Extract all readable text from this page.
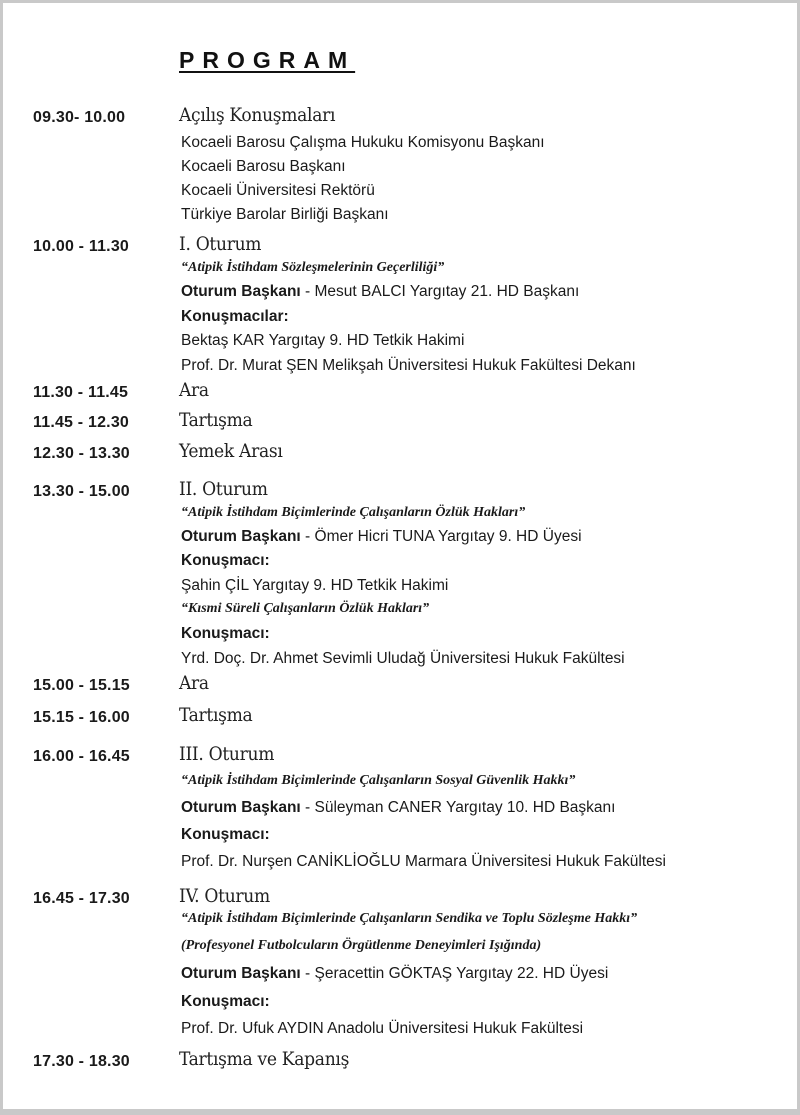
PROGRAM
09.30- 10.00	Açılış Konuşmaları
Kocaeli Barosu Çalışma Hukuku Komisyonu Başkanı
Kocaeli Barosu Başkanı
Kocaeli Üniversitesi Rektörü
Türkiye Barolar Birliği Başkanı
10.00 - 11.30	I. Oturum
“Atipik İstihdam Sözleşmelerinin Geçerliliği”
Oturum Başkanı - Mesut BALCI Yargıtay 21. HD Başkanı
Konuşmacılar:
Bektaş KAR Yargıtay 9. HD Tetkik Hakimi
Prof. Dr. Murat ŞEN Melikşah Üniversitesi Hukuk Fakültesi Dekanı
11.30 - 11.45	Ara
11.45 - 12.30	Tartışma
12.30 - 13.30	Yemek Arası
13.30 - 15.00	II. Oturum
“Atipik İstihdam Biçimlerinde Çalışanların Özlük Hakları”
Oturum Başkanı - Ömer Hicri TUNA Yargıtay 9. HD Üyesi
Konuşmacı:
Şahin ÇİL Yargıtay 9. HD Tetkik Hakimi
“Kısmi Süreli Çalışanların Özlük Hakları”
Konuşmacı:
Yrd. Doç. Dr. Ahmet Sevimli Uludağ Üniversitesi Hukuk Fakültesi
15.00 - 15.15	Ara
15.15 - 16.00	Tartışma
16.00 - 16.45	III. Oturum
“Atipik İstihdam Biçimlerinde Çalışanların Sosyal Güvenlik Hakkı”
Oturum Başkanı - Süleyman CANER Yargıtay 10. HD Başkanı
Konuşmacı:
Prof. Dr. Nurşen CANİKLİOĞLU Marmara Üniversitesi Hukuk Fakültesi
16.45 - 17.30	IV. Oturum
“Atipik İstihdam Biçimlerinde Çalışanların Sendika ve Toplu Sözleşme Hakkı”
(Profesyonel Futbolcuların Örgütlenme Deneyimleri Işığında)
Oturum Başkanı - Şeracettin GÖKTAŞ Yargıtay 22. HD Üyesi
Konuşmacı:
Prof. Dr. Ufuk AYDIN Anadolu Üniversitesi Hukuk Fakültesi
17.30 - 18.30	Tartışma ve Kapanış
